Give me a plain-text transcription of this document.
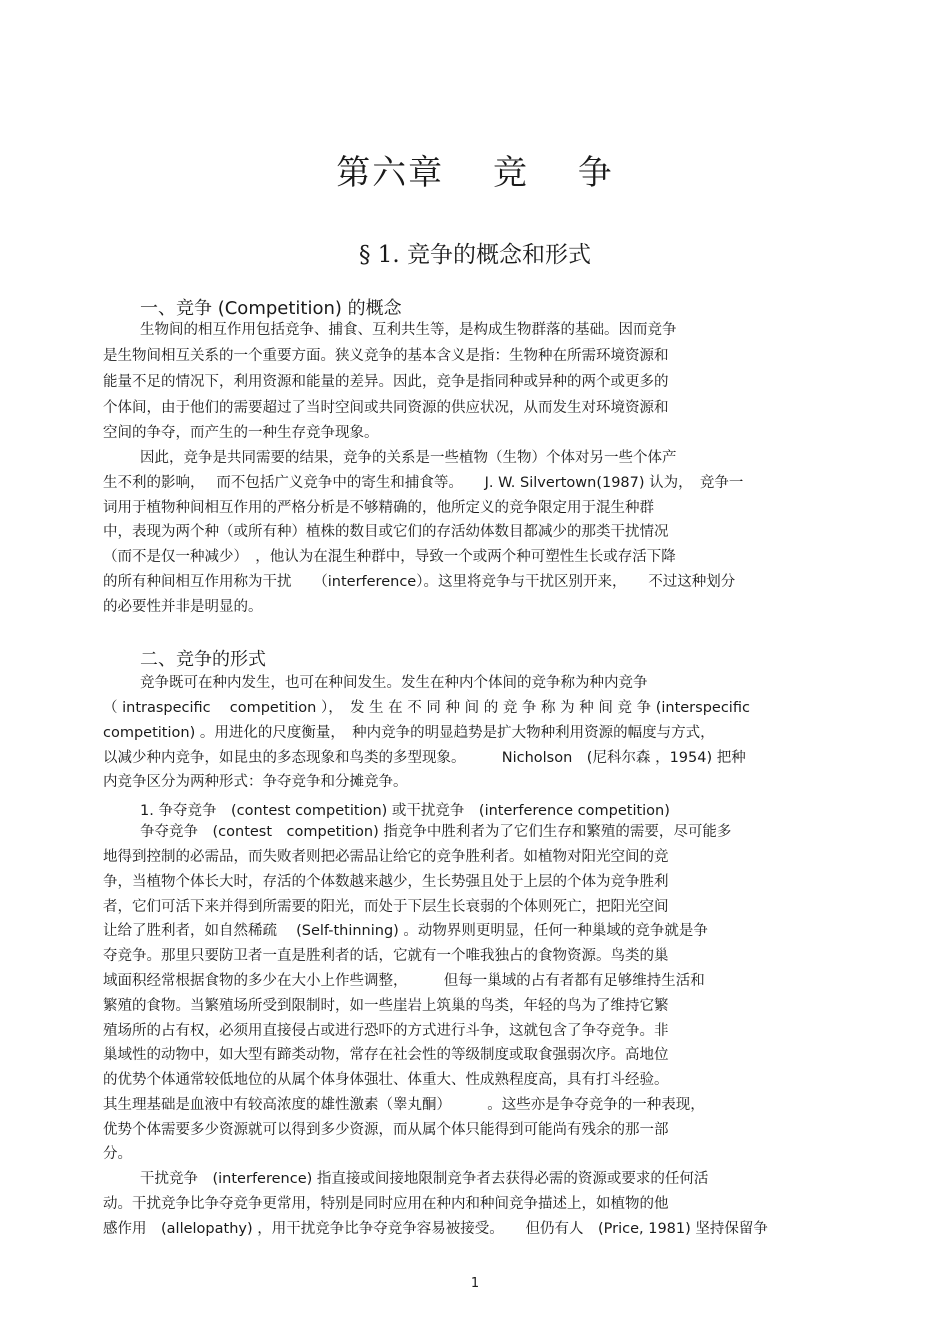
第六章　 竞　 争
§ 1. 竞争的概念和形式
一、竞争 (Competition) 的概念
生物间的相互作用包括竞争、捕食、互利共生等，是构成生物群落的基础。因而竞争
是生物间相互关系的一个重要方面。狭义竞争的基本含义是指：生物种在所需环境资源和
能量不足的情况下，利用资源和能量的差异。因此，竞争是指同种或异种的两个或更多的
个体间，由于他们的需要超过了当时空间或共同资源的供应状况，从而发生对环境资源和
空间的争夺，而产生的一种生存竞争现象。
因此，竞争是共同需要的结果，竞争的关系是一些植物（生物）个体对另一些个体产
生不利的影响，　 而不包括广义竞争中的寄生和捕食等。　　J. W. Silvertown(1987) 认为，　竞争一
词用于植物种间相互作用的严格分析是不够精确的，他所定义的竞争限定用于混生种群
中，表现为两个种（或所有种）植株的数目或它们的存活幼体数目都减少的那类干扰情况
（而不是仅一种减少）　，他认为在混生种群中，导致一个或两个种可塑性生长或存活下降
的所有种间相互作用称为干扰　　（interference）。这里将竞争与干扰区别开来，　　不过这种划分
的必要性并非是明显的。
二、竞争的形式
竞争既可在种内发生，也可在种间发生。发生在种内个体间的竞争称为种内竞争
（ intraspecific　 competition ），　发 生 在 不 同 种 间 的 竞 争 称 为 种 间 竞 争 (interspecific
competition) 。用进化的尺度衡量，　种内竞争的明显趋势是扩大物种利用资源的幅度与方式，
以减少种内竞争，如昆虫的多态现象和鸟类的多型现象。　　　Nicholson　(尼科尔森 ，1954) 把种
内竞争区分为两种形式：争夺竞争和分摊竞争。
1. 争夺竞争　(contest competition) 或干扰竞争　(interference competition)
争夺竞争　(contest　competition) 指竞争中胜利者为了它们生存和繁殖的需要，尽可能多
地得到控制的必需品，而失败者则把必需品让给它的竞争胜利者。如植物对阳光空间的竞
争，当植物个体长大时，存活的个体数越来越少，生长势强且处于上层的个体为竞争胜利
者，它们可活下来并得到所需要的阳光，而处于下层生长衰弱的个体则死亡，把阳光空间
让给了胜利者，如自然稀疏　 (Self-thinning) 。动物界则更明显，任何一种巢域的竞争就是争
夺竞争。那里只要防卫者一直是胜利者的话，它就有一个唯我独占的食物资源。鸟类的巢
域面积经常根据食物的多少在大小上作些调整，　　　但每一巢域的占有者都有足够维持生活和
繁殖的食物。当繁殖场所受到限制时，如一些崖岩上筑巢的鸟类，年轻的鸟为了维持它繁
殖场所的占有权，必须用直接侵占或进行恐吓的方式进行斗争，这就包含了争夺竞争。非
巢域性的动物中，如大型有蹄类动物，常存在社会性的等级制度或取食强弱次序。高地位
的优势个体通常较低地位的从属个体身体强壮、体重大、性成熟程度高，具有打斗经验。
其生理基础是血液中有较高浓度的雄性激素（睾丸酮）　　　。这些亦是争夺竞争的一种表现，
优势个体需要多少资源就可以得到多少资源，而从属个体只能得到可能尚有残余的那一部
分。
干扰竞争　(interference) 指直接或间接地限制竞争者去获得必需的资源或要求的任何活
动。干扰竞争比争夺竞争更常用，特别是同时应用在种内和种间竞争描述上，如植物的他
感作用　(allelopathy) ，用干扰竞争比争夺竞争容易被接受。　　但仍有人　(Price, 1981) 坚持保留争
1
